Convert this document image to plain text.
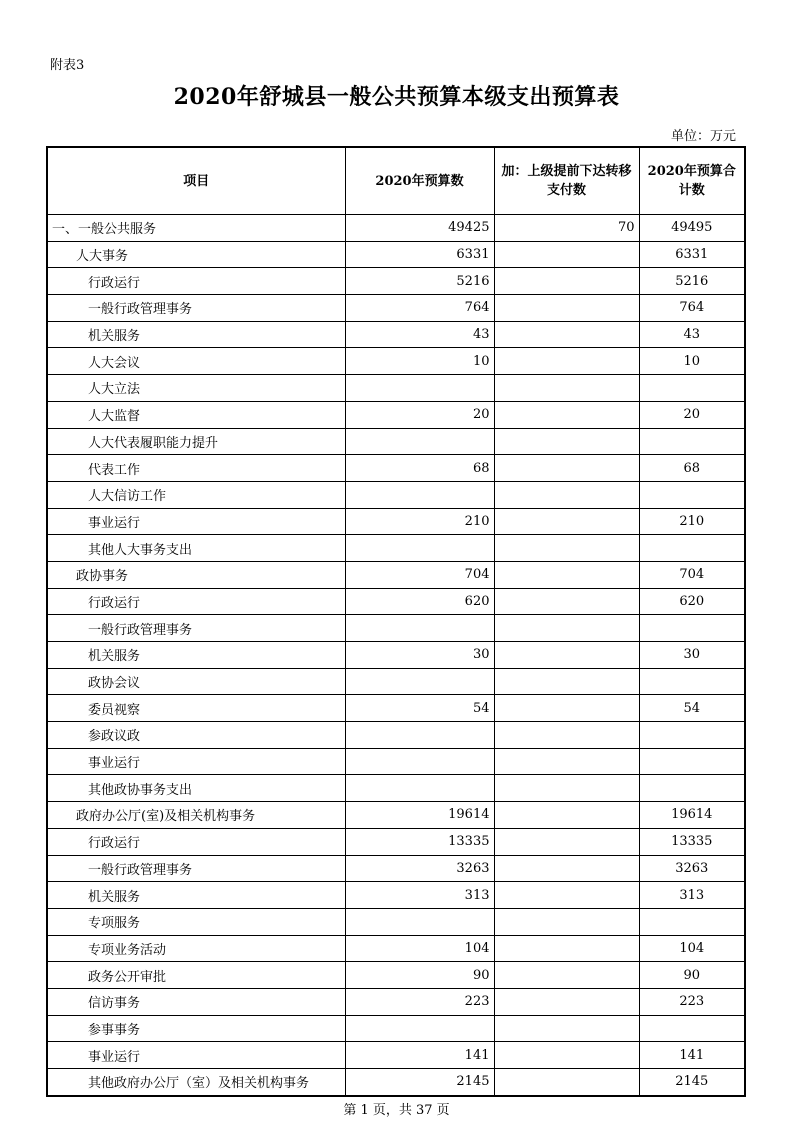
附表3
2020年舒城县一般公共预算本级支出预算表
单位：万元
项目	2020年预算数	加：上级提前下达转移支付数	2020年预算合计数
一、一般公共服务	49425	70	49495
人大事务	6331		6331
行政运行	5216		5216
一般行政管理事务	764		764
机关服务	43		43
人大会议	10		10
人大立法			
人大监督	20		20
人大代表履职能力提升			
代表工作	68		68
人大信访工作			
事业运行	210		210
其他人大事务支出			
政协事务	704		704
行政运行	620		620
一般行政管理事务			
机关服务	30		30
政协会议			
委员视察	54		54
参政议政			
事业运行			
其他政协事务支出			
政府办公厅(室)及相关机构事务	19614		19614
行政运行	13335		13335
一般行政管理事务	3263		3263
机关服务	313		313
专项服务			
专项业务活动	104		104
政务公开审批	90		90
信访事务	223		223
参事事务			
事业运行	141		141
其他政府办公厅（室）及相关机构事务	2145		2145
第 1 页，共 37 页
